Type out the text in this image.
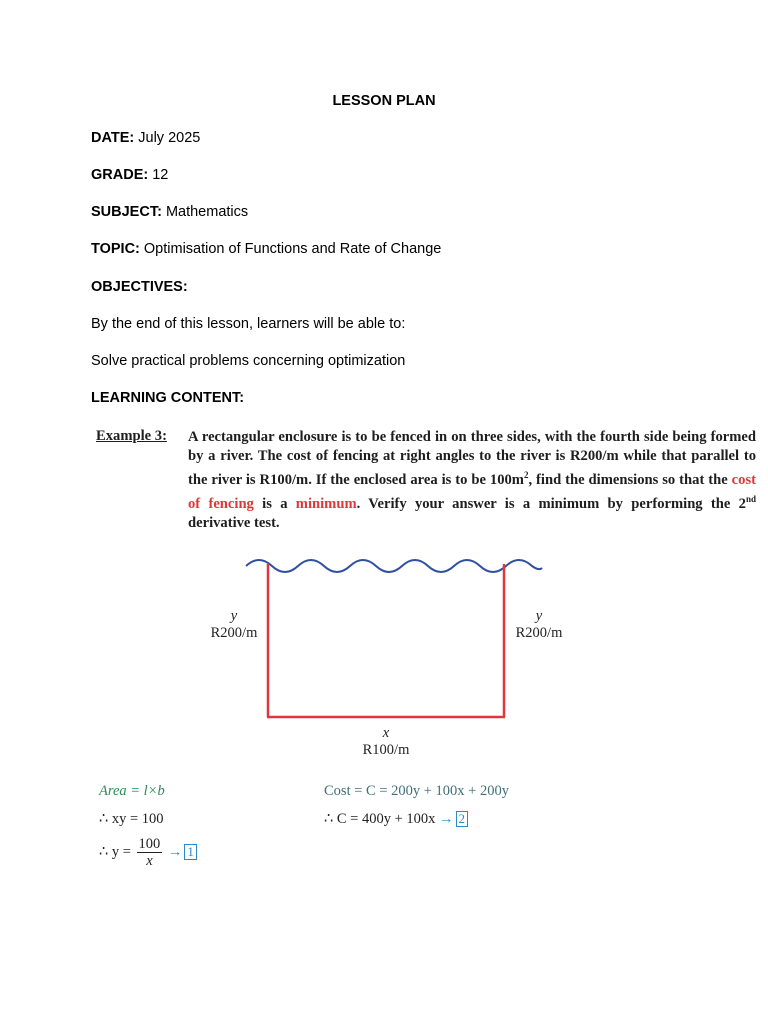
LESSON PLAN
DATE: July 2025
GRADE: 12
SUBJECT: Mathematics
TOPIC: Optimisation of Functions and Rate of Change
OBJECTIVES:
By the end of this lesson, learners will be able to:
Solve practical problems concerning optimization
LEARNING CONTENT:
Example 3: A rectangular enclosure is to be fenced in on three sides, with the fourth side being formed by a river. The cost of fencing at right angles to the river is R200/m while that parallel to the river is R100/m. If the enclosed area is to be $100m^2$, find the dimensions so that the cost of fencing is a minimum. Verify your answer is a minimum by performing the 2nd derivative test.
y
R200/m
y
R200/m
x
R100/m
Area = l×b
∴ xy = 100
∴ $y = \frac{100}{x} \to 1$
Cost = C = 200y + 100x + 200y
∴ C = 400y + 100x → 2
